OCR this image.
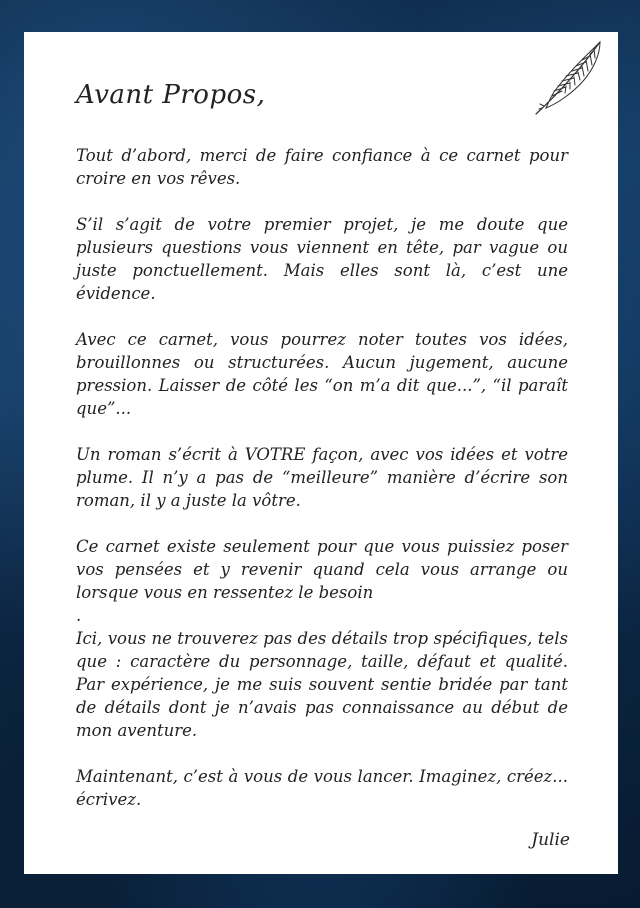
Avant Propos,

Tout d’abord, merci de faire confiance à ce carnet pour croire en vos rêves.

S’il s’agit de votre premier projet, je me doute que plusieurs questions vous viennent en tête, par vague ou juste ponctuellement. Mais elles sont là, c’est une évidence.

Avec ce carnet, vous pourrez noter toutes vos idées, brouillonnes ou structurées. Aucun jugement, aucune pression. Laisser de côté les “on m’a dit que...”, “il paraît que”...

Un roman s’écrit à VOTRE façon, avec vos idées et votre plume. Il n’y a pas de “meilleure” manière d’écrire son roman, il y a juste la vôtre.

Ce carnet existe seulement pour que vous puissiez poser vos pensées et y revenir quand cela vous arrange ou lorsque vous en ressentez le besoin

.

Ici, vous ne trouverez pas des détails trop spécifiques, tels que : caractère du personnage, taille, défaut et qualité. Par expérience, je me suis souvent sentie bridée par tant de détails dont je n’avais pas connaissance au début de mon aventure.

Maintenant, c’est à vous de vous lancer. Imaginez, créez... écrivez.

Julie
